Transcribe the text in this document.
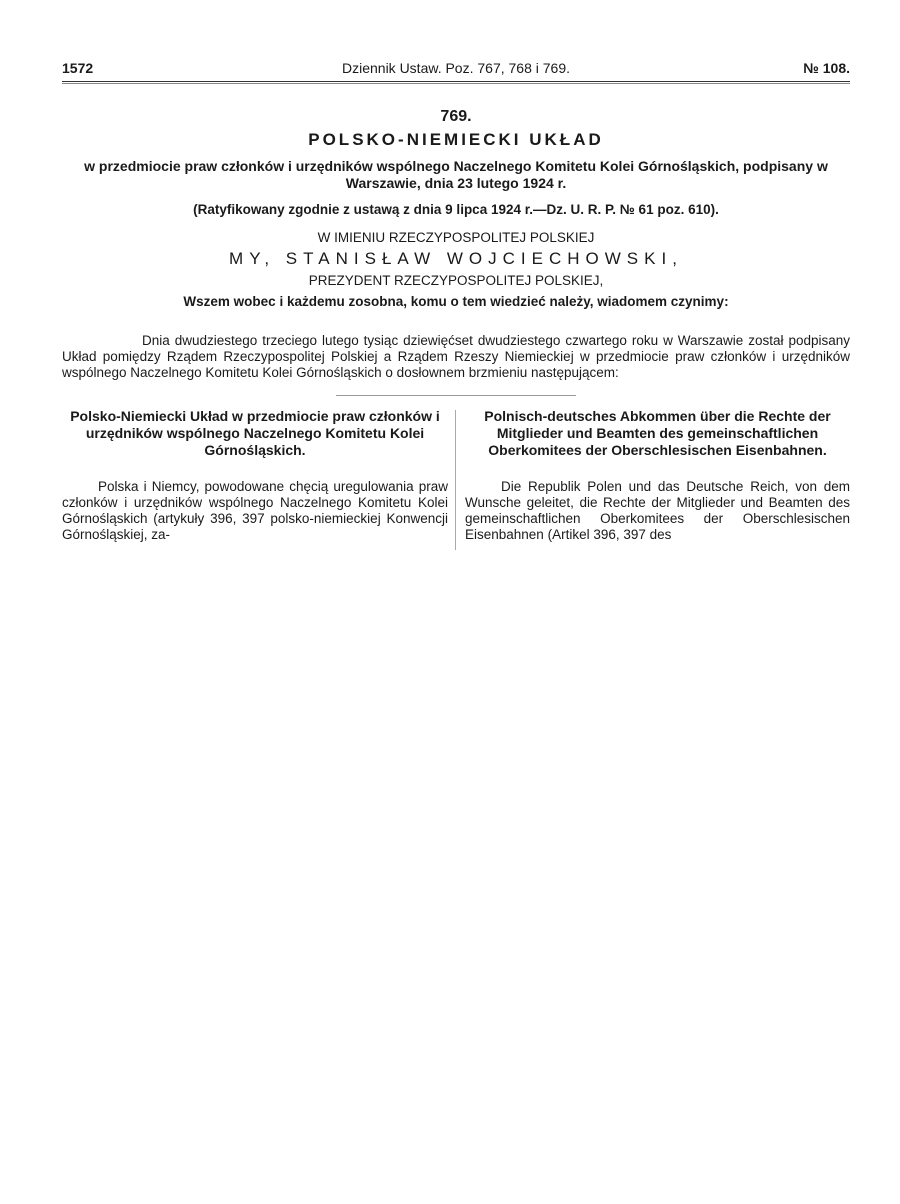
1572	Dziennik Ustaw. Poz. 767, 768 i 769.	№ 108.
769.
POLSKO-NIEMIECKI UKŁAD
w przedmiocie praw członków i urzędników wspólnego Naczelnego Komitetu Kolei Górnośląskich, podpisany w Warszawie, dnia 23 lutego 1924 r.
(Ratyfikowany zgodnie z ustawą z dnia 9 lipca 1924 r.—Dz. U. R. P. № 61 poz. 610).
W IMIENIU RZECZYPOSPOLITEJ POLSKIEJ
MY, STANISŁAW WOJCIECHOWSKI,
PREZYDENT RZECZYPOSPOLITEJ POLSKIEJ,
Wszem wobec i każdemu zosobna, komu o tem wiedzieć należy, wiadomem czynimy:
Dnia dwudziestego trzeciego lutego tysiąc dziewięćset dwudziestego czwartego roku w Warszawie został podpisany Układ pomiędzy Rządem Rzeczypospolitej Polskiej a Rządem Rzeszy Niemieckiej w przedmiocie praw członków i urzędników wspólnego Naczelnego Komitetu Kolei Górnośląskich o dosłownem brzmieniu następującem:
Polsko-Niemiecki Układ w przedmiocie praw członków i urzędników wspólnego Naczelnego Komitetu Kolei Górnośląskich.
Polska i Niemcy, powodowane chęcią uregulowania praw członków i urzędników wspólnego Naczelnego Komitetu Kolei Górnośląskich (artykuły 396, 397 polsko-niemieckiej Konwencji Górnośląskiej, za-
Polnisch-deutsches Abkommen über die Rechte der Mitglieder und Beamten des gemeinschaftlichen Oberkomitees der Oberschlesischen Eisenbahnen.
Die Republik Polen und das Deutsche Reich, von dem Wunsche geleitet, die Rechte der Mitglieder und Beamten des gemeinschaftlichen Oberkomitees der Oberschlesischen Eisenbahnen (Artikel 396, 397 des
